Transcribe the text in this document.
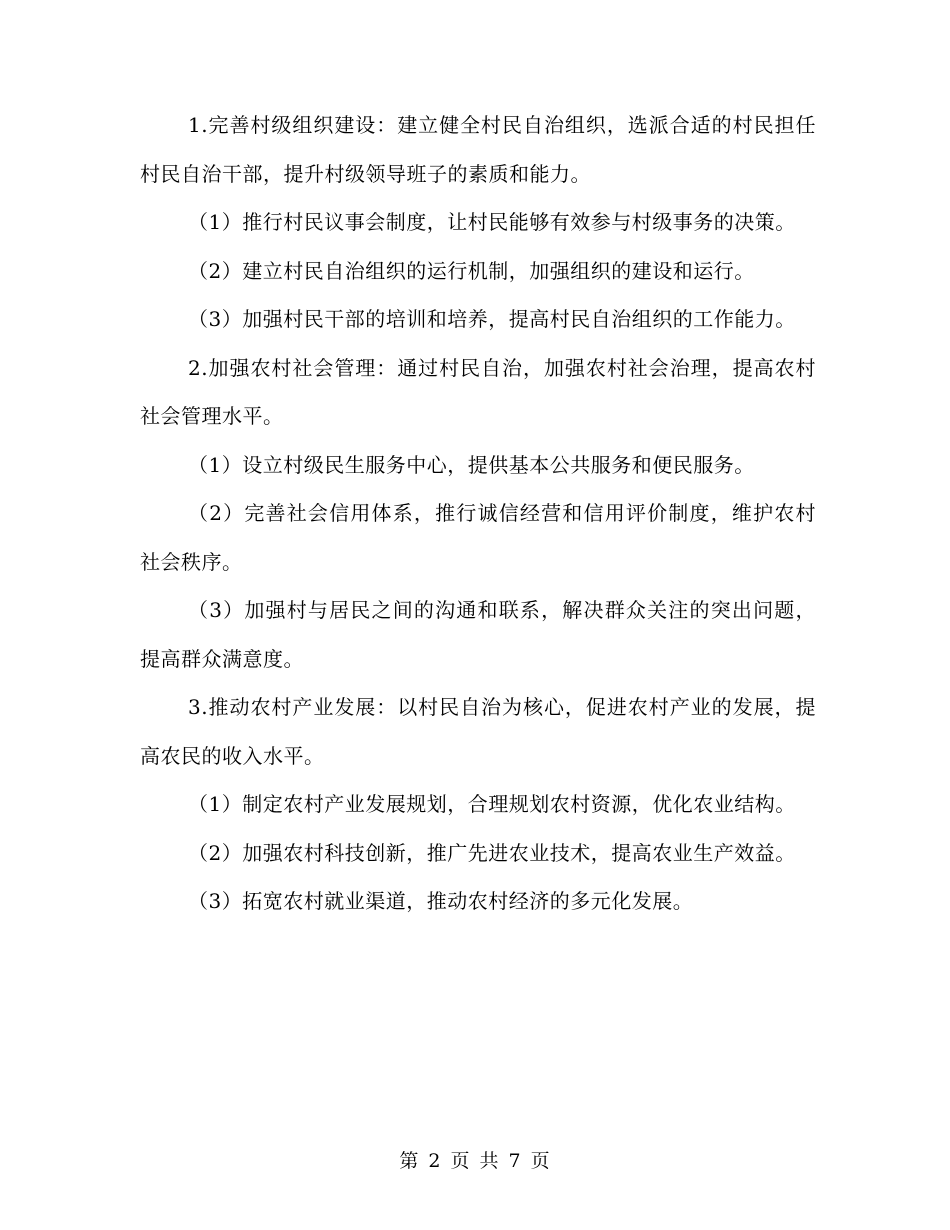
1.完善村级组织建设：建立健全村民自治组织，选派合适的村民担任村民自治干部，提升村级领导班子的素质和能力。

（1）推行村民议事会制度，让村民能够有效参与村级事务的决策。

（2）建立村民自治组织的运行机制，加强组织的建设和运行。

（3）加强村民干部的培训和培养，提高村民自治组织的工作能力。

2.加强农村社会管理：通过村民自治，加强农村社会治理，提高农村社会管理水平。

（1）设立村级民生服务中心，提供基本公共服务和便民服务。

（2）完善社会信用体系，推行诚信经营和信用评价制度，维护农村社会秩序。

（3）加强村与居民之间的沟通和联系，解决群众关注的突出问题，提高群众满意度。

3.推动农村产业发展：以村民自治为核心，促进农村产业的发展，提高农民的收入水平。

（1）制定农村产业发展规划，合理规划农村资源，优化农业结构。

（2）加强农村科技创新，推广先进农业技术，提高农业生产效益。

（3）拓宽农村就业渠道，推动农村经济的多元化发展。

第 2 页 共 7 页
